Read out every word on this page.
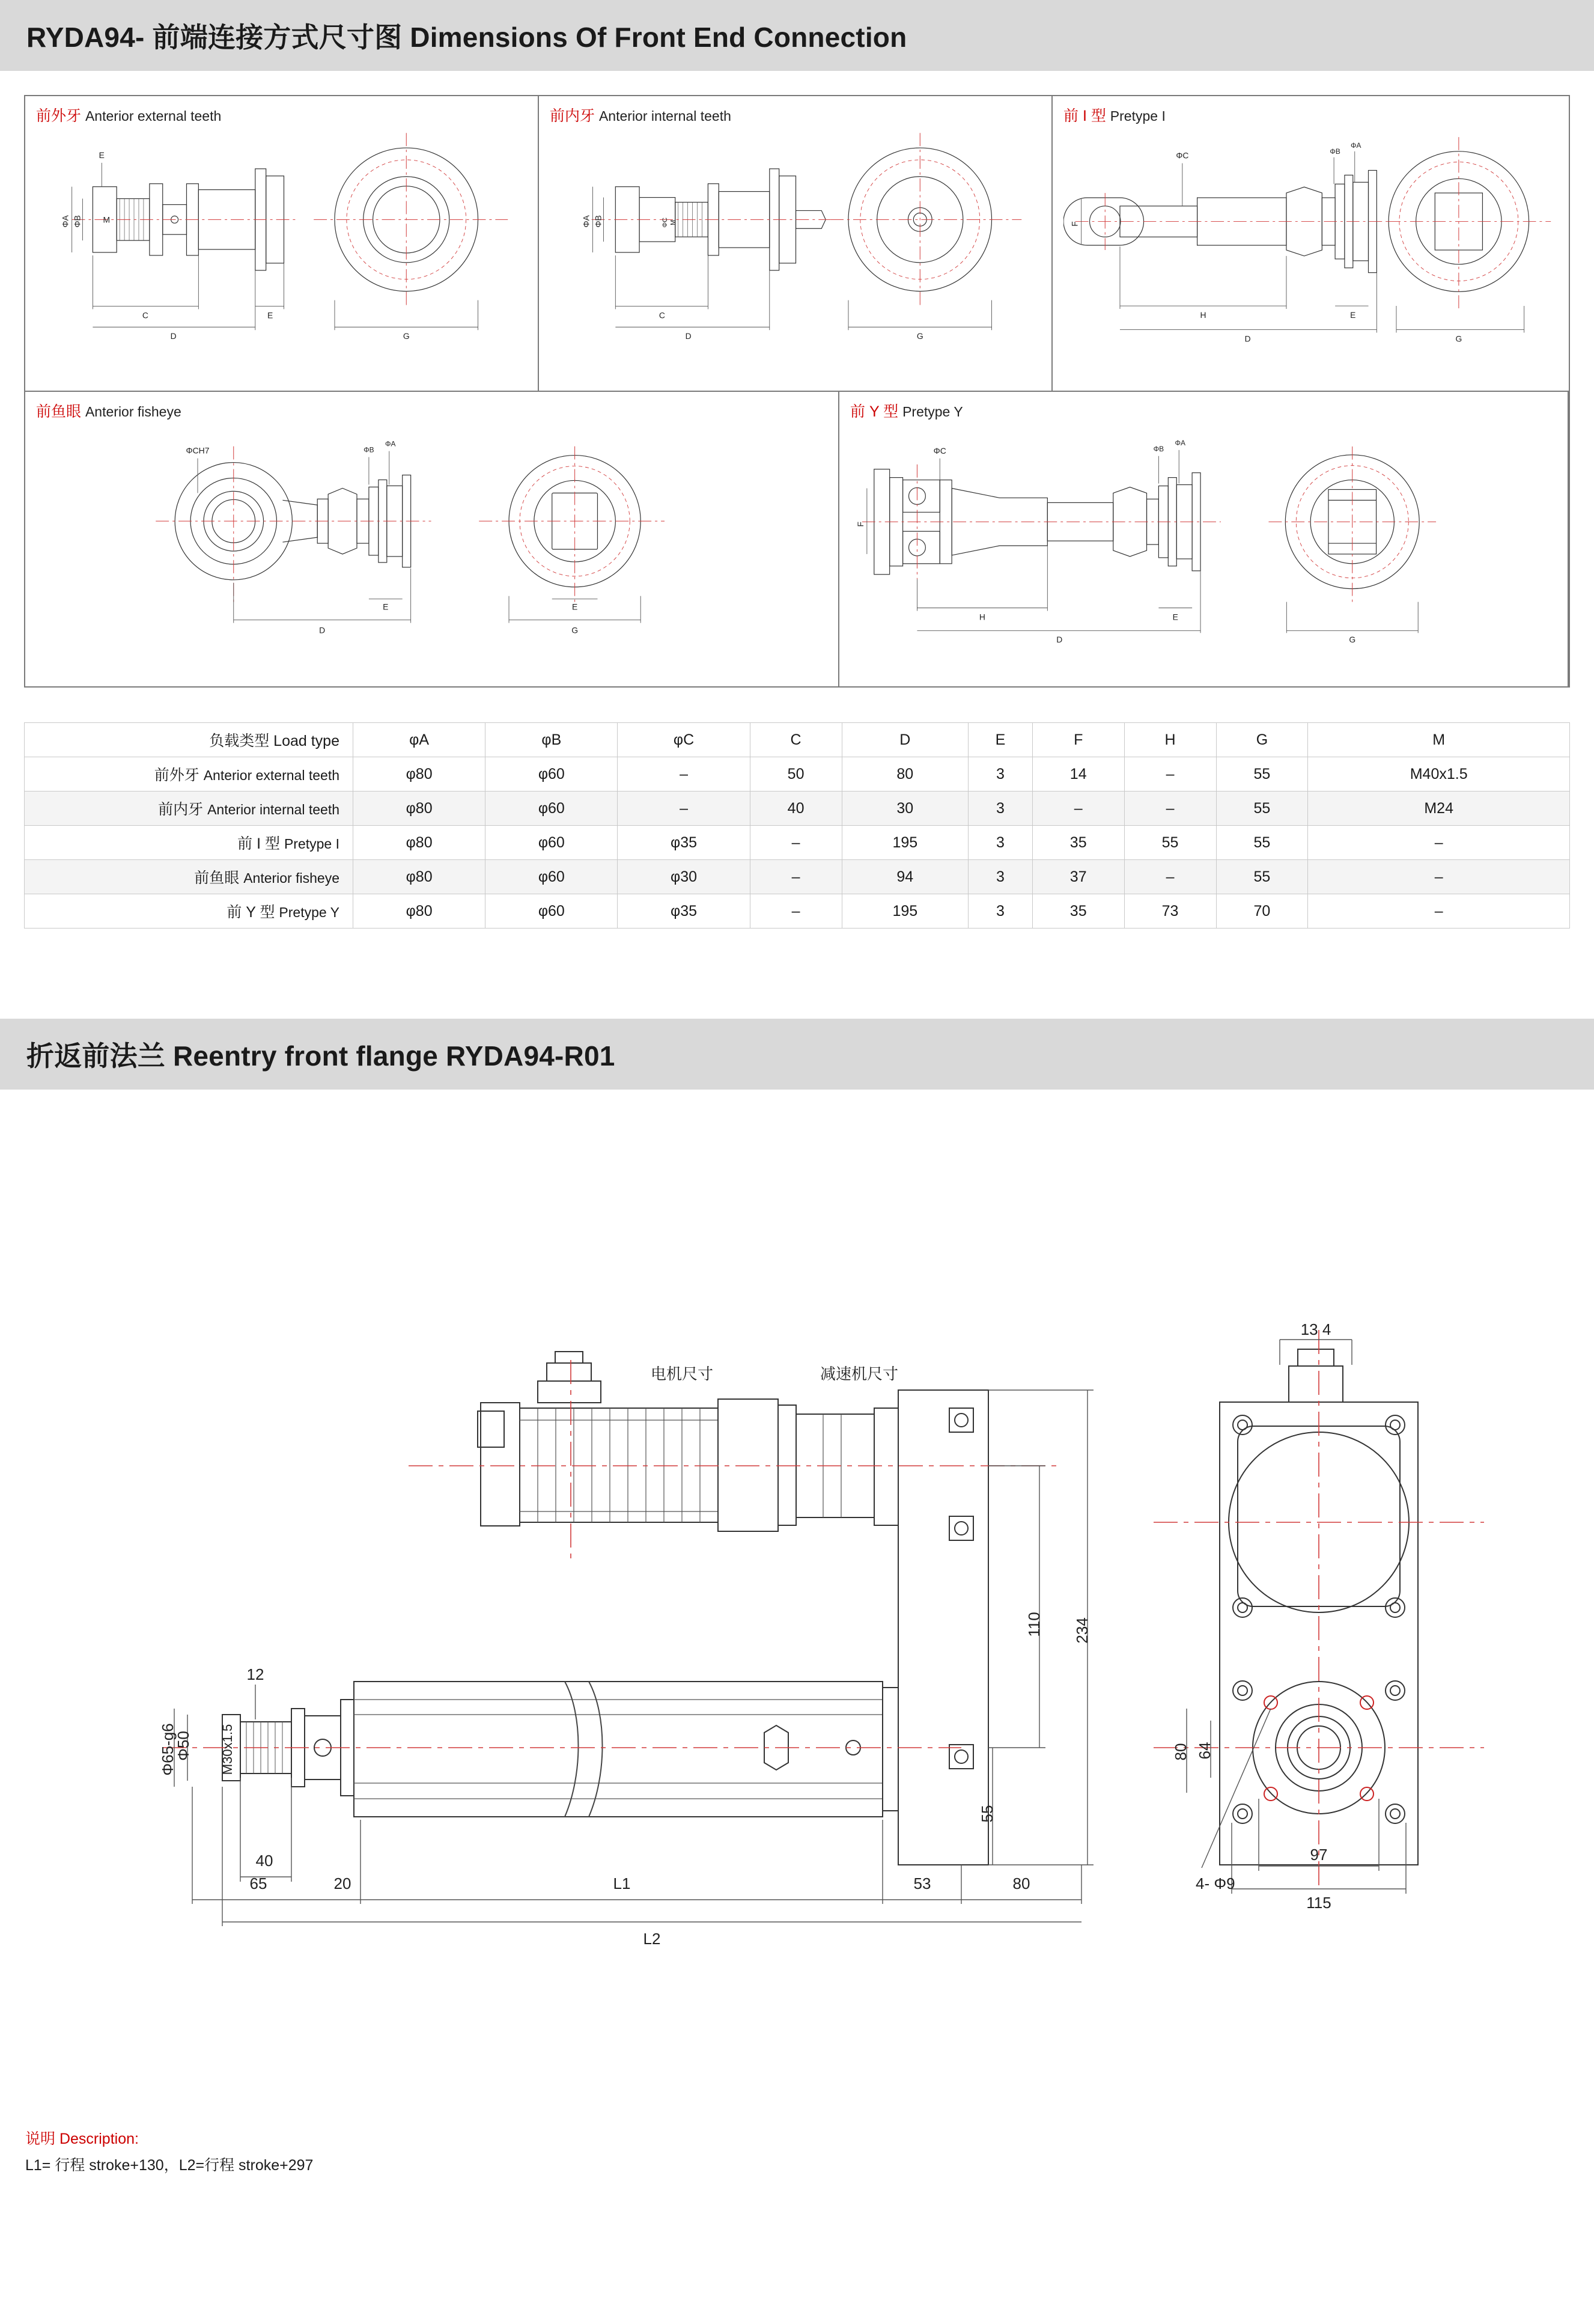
RYDA94- 前端连接方式尺寸图 Dimensions Of Front End Connection
前外牙 Anterior external teeth
C
D
E
G
E
ΦA ΦB M
前内牙 Anterior internal teeth
C
D	G
ΦA ΦB	ΦC M
前 I 型 Pretype I
H
D
E
G
F
ΦC	ΦB
ΦA
前鱼眼 Anterior fisheye
D
E	E
G
ΦCH7	ΦB
ΦA
前 Y 型 Pretype Y
H
D
E
G
F
ΦC	ΦB
ΦA
负载类型 Load type	φA	φB	φC	C	D	E	F	H	G	M
前外牙 Anterior external teeth	φ80	φ60	–	50	80	3	14	–	55	M40x1.5
前内牙 Anterior internal teeth	φ80	φ60	–	40	30	3	–	–	55	M24
前 I 型 Pretype I	φ80	φ60	φ35	–	195	3	35	55	55	–
前鱼眼 Anterior fisheye	φ80	φ60	φ30	–	94	3	37	–	55	–
前 Y 型 Pretype Y	φ80	φ60	φ35	–	195	3	35	73	70	–
折返前法兰 Reentry front flange RYDA94-R01
电机尺寸	减速机尺寸
13 4
110 234
55
80
53
L1
L2
20
40
65
12
Φ65-g6
Φ50 M30x1.5	80 64
97
115
4- Φ9
说明 Description:
L1= 行程 stroke+130，L2=行程 stroke+297
